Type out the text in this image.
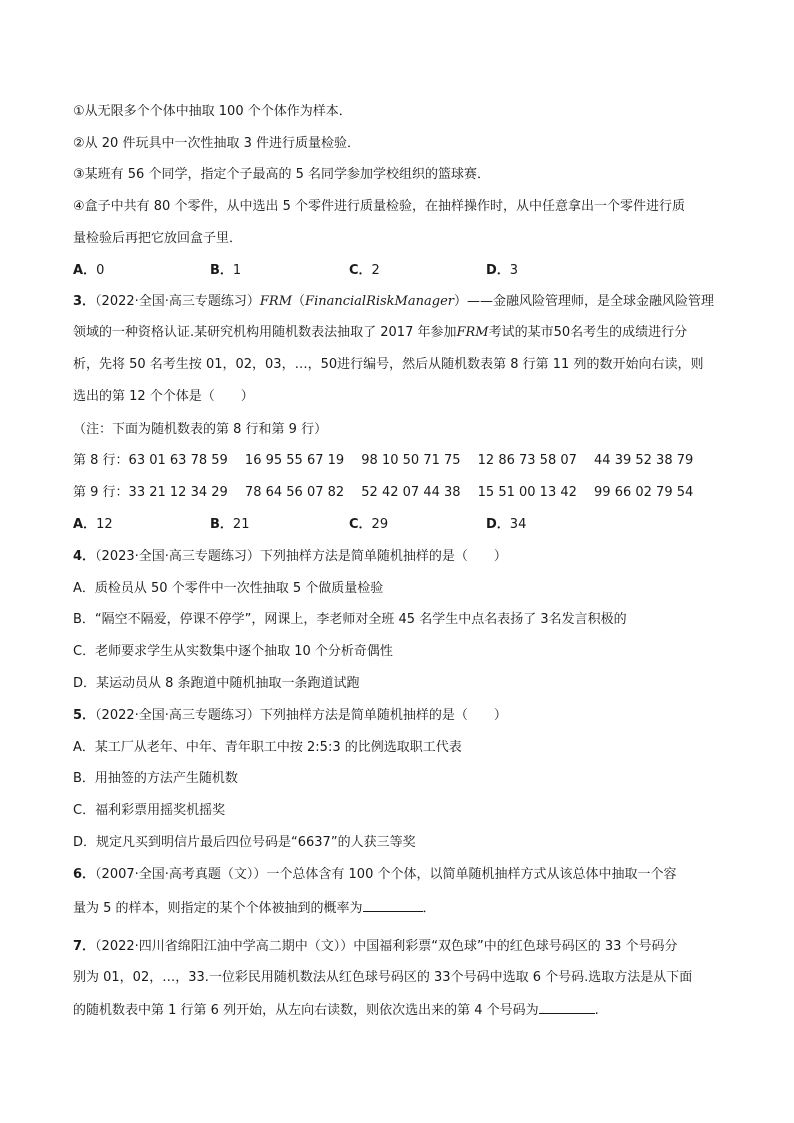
①从无限多个个体中抽取 100 个个体作为样本．
②从 20 件玩具中一次性抽取 3 件进行质量检验．
③某班有 56 个同学，指定个子最高的 5 名同学参加学校组织的篮球赛．
④盒子中共有 80 个零件，从中选出 5 个零件进行质量检验，在抽样操作时，从中任意拿出一个零件进行质
量检验后再把它放回盒子里．
A．0	B．1	C．2	D．3
3．（2022·全国·高三专题练习）FRM（FinancialRiskManager）——金融风险管理师，是全球金融风险管理
领域的一种资格认证.某研究机构用随机数表法抽取了 2017 年参加FRM考试的某市50名考生的成绩进行分
析，先将 50 名考生按 01，02，03，…，50进行编号，然后从随机数表第 8 行第 11 列的数开始向右读，则
选出的第 12 个个体是（　　）
（注：下面为随机数表的第 8 行和第 9 行）
第 8 行：63 01 63 78 59　 16 95 55 67 19　 98 10 50 71 75　 12 86 73 58 07　 44 39 52 38 79
第 9 行：33 21 12 34 29　 78 64 56 07 82　 52 42 07 44 38　 15 51 00 13 42　 99 66 02 79 54
A．12	B．21	C．29	D．34
4．（2023·全国·高三专题练习）下列抽样方法是简单随机抽样的是（　　）
A．质检员从 50 个零件中一次性抽取 5 个做质量检验
B．“隔空不隔爱，停课不停学”，网课上，李老师对全班 45 名学生中点名表扬了 3名发言积极的
C．老师要求学生从实数集中逐个抽取 10 个分析奇偶性
D．某运动员从 8 条跑道中随机抽取一条跑道试跑
5．（2022·全国·高三专题练习）下列抽样方法是简单随机抽样的是（　　）
A．某工厂从老年、中年、青年职工中按 2:5:3 的比例选取职工代表
B．用抽签的方法产生随机数
C．福利彩票用摇奖机摇奖
D．规定凡买到明信片最后四位号码是“6637”的人获三等奖
6．（2007·全国·高考真题（文））一个总体含有 100 个个体，以简单随机抽样方式从该总体中抽取一个容
量为 5 的样本，则指定的某个个体被抽到的概率为	．
7．（2022·四川省绵阳江油中学高二期中（文））中国福利彩票“双色球”中的红色球号码区的 33 个号码分
别为 01，02，…，33.一位彩民用随机数法从红色球号码区的 33个号码中选取 6 个号码.选取方法是从下面
的随机数表中第 1 行第 6 列开始，从左向右读数，则依次选出来的第 4 个号码为	.
